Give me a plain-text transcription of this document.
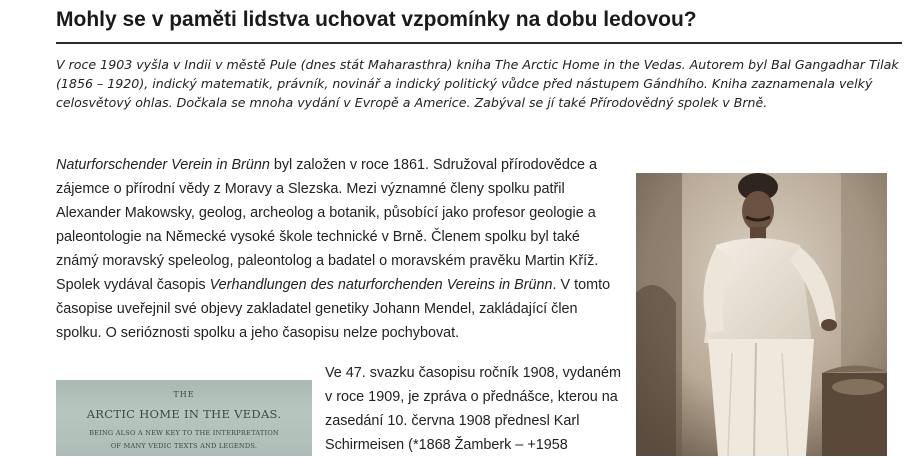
Mohly se v paměti lidstva uchovat vzpomínky na dobu ledovou?

V roce 1903 vyšla v Indii v městě Pule (dnes stát Maharasthra) kniha The Arctic Home in the Vedas. Autorem byl Bal Gangadhar Tilak (1856 – 1920), indický matematik, právník, novinář a indický politický vůdce před nástupem Gándhího. Kniha zaznamenala velký celosvětový ohlas. Dočkala se mnoha vydání v Evropě a Americe. Zabýval se jí také Přírodovědný spolek v Brně.

Naturforschender Verein in Brünn byl založen v roce 1861. Sdružoval přírodovědce a zájemce o přírodní vědy z Moravy a Slezska. Mezi významné členy spolku patřil Alexander Makowsky, geolog, archeolog a botanik, působící jako profesor geologie a paleontologie na Německé vysoké škole technické v Brně. Členem spolku byl také známý moravský speleolog, paleontolog a badatel o moravském pravěku Martin Kříž. Spolek vydával časopis Verhandlungen des naturforchenden Vereins in Brünn. V tomto časopise uveřejnil své objevy zakladatel genetiky Johann Mendel, zakládající člen spolku. O serióznosti spolku a jeho časopisu nelze pochybovat.

Ve 47. svazku časopisu ročník 1908, vydaném v roce 1909, je zpráva o přednášce, kterou na zasedání 10. června 1908 přednesl Karl Schirmeisen (*1868 Žamberk – +1958

THE
ARCTIC HOME IN THE VEDAS.
BEING ALSO A NEW KEY TO THE INTERPRETATION
OF MANY VEDIC TEXTS AND LEGENDS.
